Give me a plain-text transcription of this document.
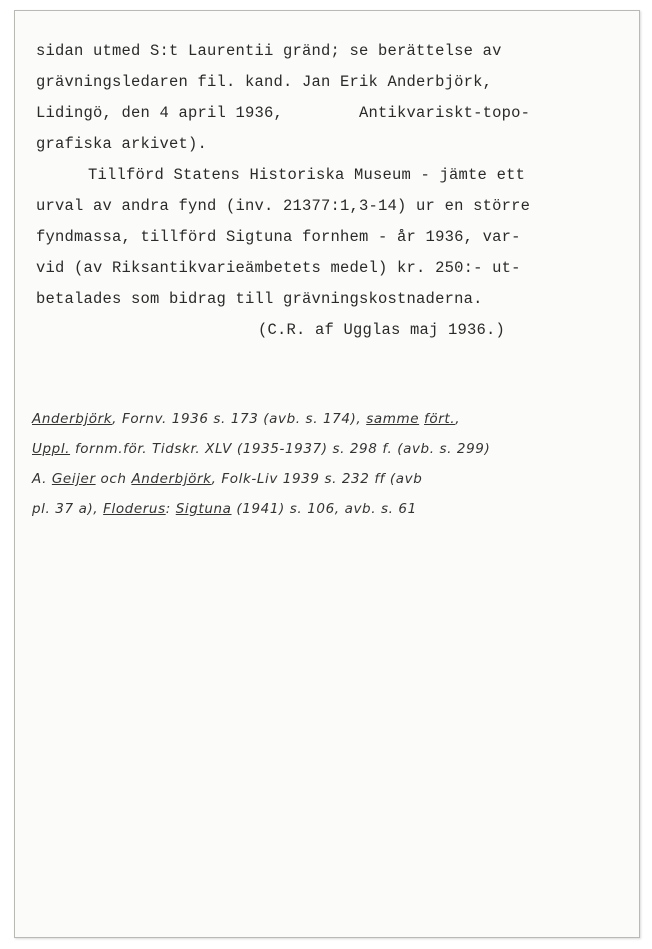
sidan utmed S:t Laurentii gränd; se berättelse av
grävningsledaren fil. kand. Jan Erik Anderbjörk,
Lidingö, den 4 april 1936,        Antikvariskt-topo-
grafiska arkivet).
Tillförd Statens Historiska Museum - jämte ett
urval av andra fynd (inv. 21377:1,3-14) ur en större
fyndmassa, tillförd Sigtuna fornhem - år 1936, var-
vid (av Riksantikvarieämbetets medel) kr. 250:- ut-
betalades som bidrag till grävningskostnaderna.
(C.R. af Ugglas maj 1936.)
Anderbjörk, Fornv. 1936 s. 173 (avb. s. 174), samme fört.,
Uppl. fornm.för. Tidskr. XLV (1935-1937) s. 298 f. (avb. s. 299)
A. Geijer och Anderbjörk, Folk-Liv 1939 s. 232 ff (avb
pl. 37 a), Floderus: Sigtuna (1941) s. 106, avb. s. 61
